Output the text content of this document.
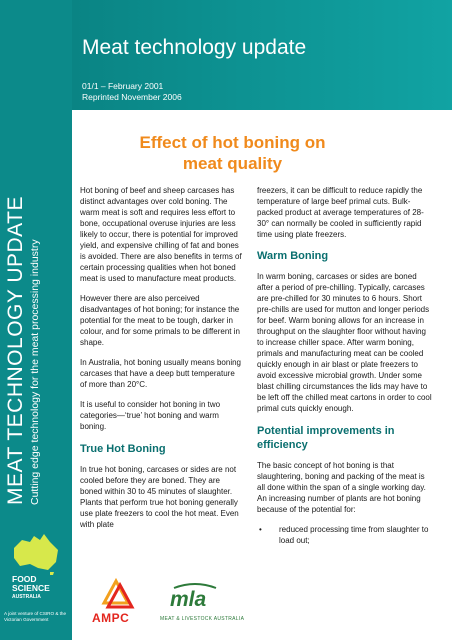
MEAT TECHNOLOGY UPDATE Cutting edge technology for the meat processing industry
FOOD SCIENCE
AUSTRALIA
A joint venture of CSIRO & the Victorian Government
Meat technology update
01/1 – February 2001
Reprinted November 2006
Effect of hot boning on meat quality

Hot boning of beef and sheep carcases has distinct advantages over cold boning. The warm meat is soft and requires less effort to bone, occupational overuse injuries are less likely to occur, there is potential for improved yield, and expensive chilling of fat and bones is avoided. There are also benefits in terms of certain processing qualities when hot boned meat is used to manufacture meat products.

However there are also perceived disadvantages of hot boning; for instance the potential for the meat to be tough, darker in colour, and for some primals to be different in shape.

In Australia, hot boning usually means boning carcases that have a deep butt temperature of more than 20°C.

It is useful to consider hot boning in two categories—‘true’ hot boning and warm boning.

True Hot Boning

In true hot boning, carcases or sides are not cooled before they are boned. They are boned within 30 to 45 minutes of slaughter. Plants that perform true hot boning generally use plate freezers to cool the hot meat. Even with plate

freezers, it can be difficult to reduce rapidly the temperature of large beef primal cuts. Bulk-packed product at average temperatures of 28-30° can normally be cooled in sufficiently rapid time using plate freezers.

Warm Boning

In warm boning, carcases or sides are boned after a period of pre-chilling. Typically, carcases are pre-chilled for 30 minutes to 6 hours. Short pre-chills are used for mutton and longer periods for beef. Warm boning allows for an increase in throughput on the slaughter floor without having to increase chiller space. After warm boning, primals and manufacturing meat can be cooled quickly enough in air blast or plate freezers to avoid excessive microbial growth. Under some blast chilling circumstances the lids may have to be left off the chilled meat cartons in order to cool primal cuts quickly enough.

Potential improvements in efficiency

The basic concept of hot boning is that slaughtering, boning and packing of the meat is all done within the span of a single working day. An increasing number of plants are hot boning because of the potential for:

• reduced processing time from slaughter to load out;
AMPC
mla
MEAT & LIVESTOCK AUSTRALIA
